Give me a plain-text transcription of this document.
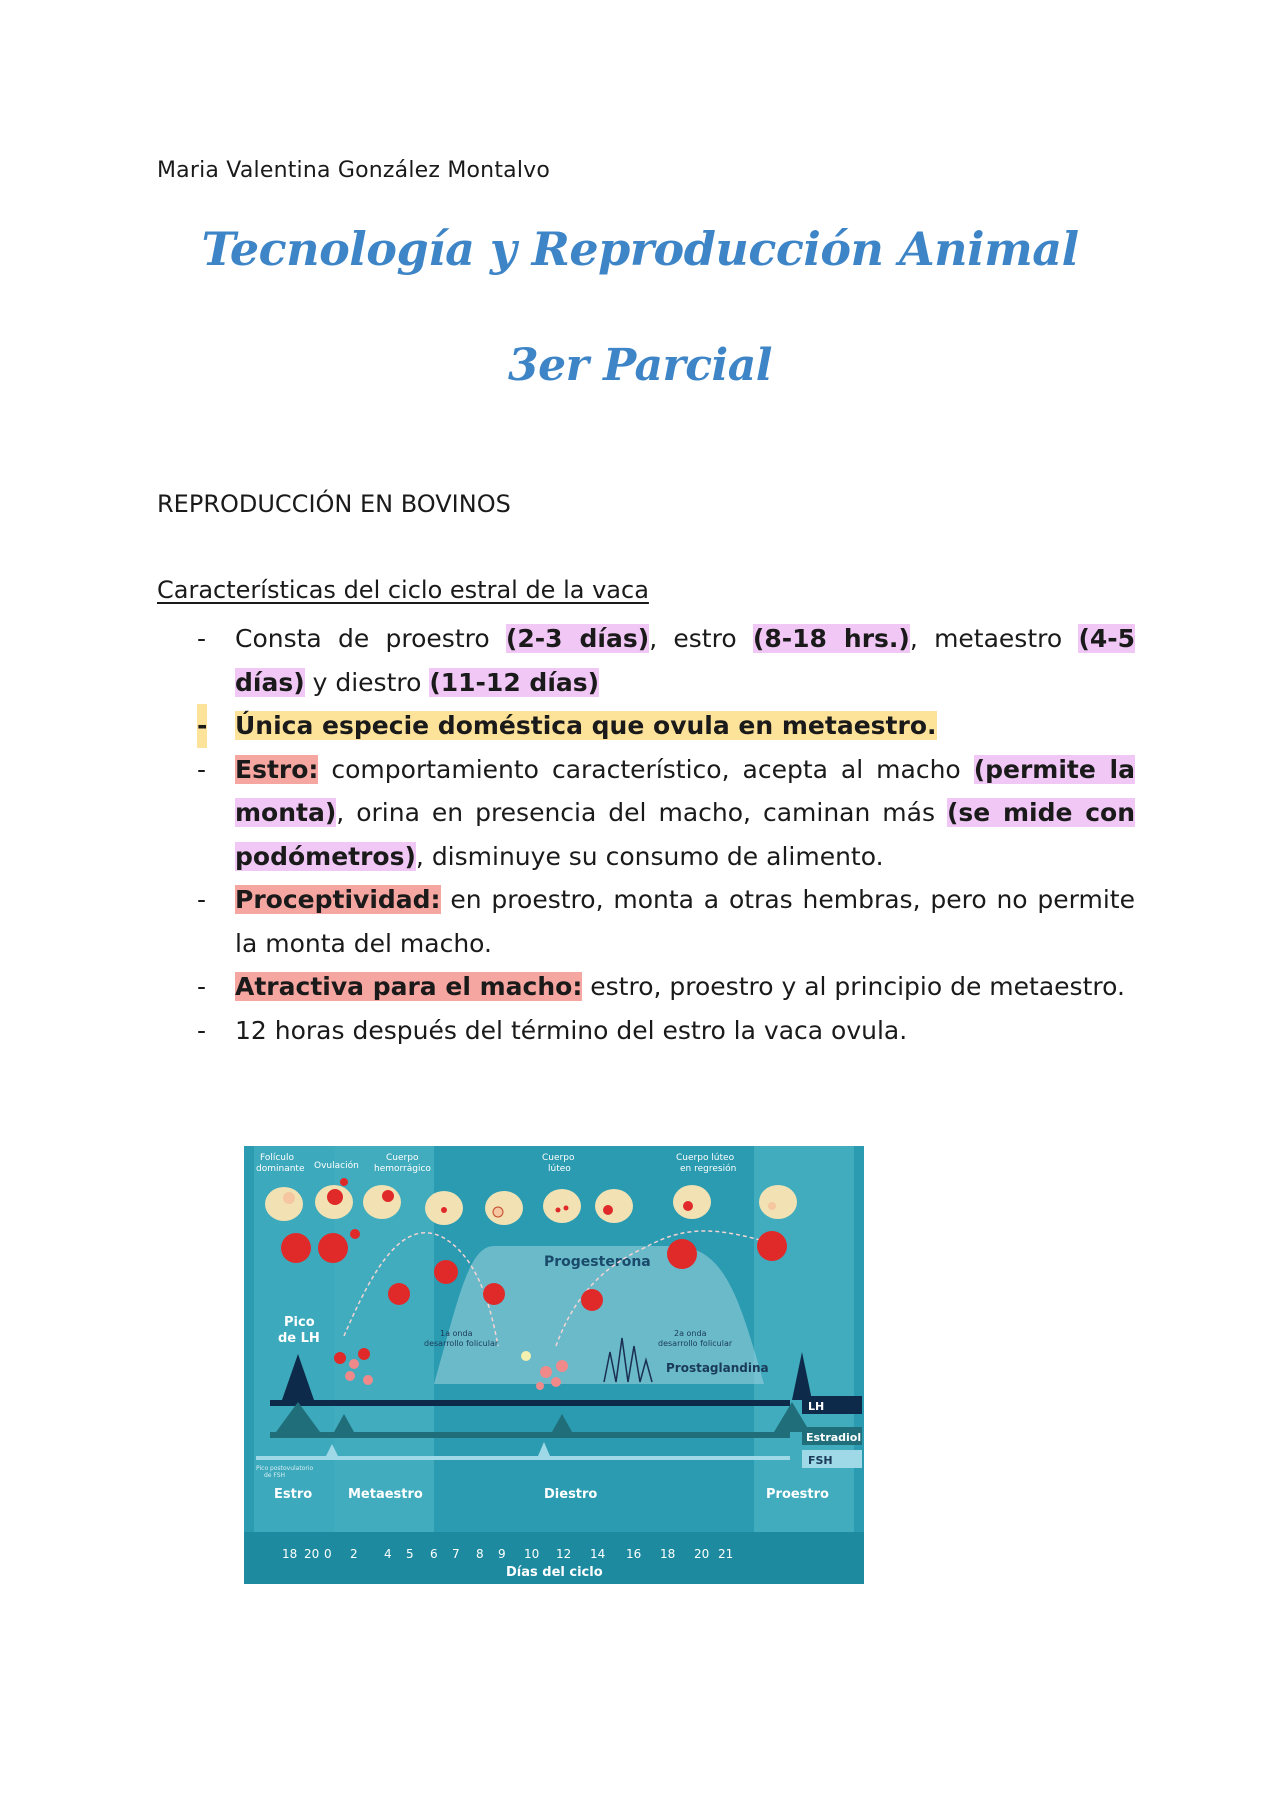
Maria Valentina González Montalvo
Tecnología y Reproducción Animal
3er Parcial
REPRODUCCIÓN EN BOVINOS
Características del ciclo estral de la vaca
- Consta de proestro (2-3 días), estro (8-18 hrs.), metaestro (4-5 días) y diestro (11-12 días)
- Única especie doméstica que ovula en metaestro.
- Estro: comportamiento característico, acepta al macho (permite la monta), orina en presencia del macho, caminan más (se mide con podómetros), disminuye su consumo de alimento.
- Proceptividad: en proestro, monta a otras hembras, pero no permite la monta del macho.
- Atractiva para el macho: estro, proestro y al principio de metaestro.
- 12 horas después del término del estro la vaca ovula.
Progesterona
Folículo dominante Ovulación
Cuerpo hemorrágico
Cuerpo lúteo
Cuerpo lúteo en regresión
1a onda desarrollo folicular
2a onda desarrollo folicular
Prostaglandina
Pico de LH
LH
Estradiol
FSH
Pico postovulatorio de FSH
Estro	Metaestro	Diestro	Proestro
18 20 0 2 4 5 6 7 8 9 10 12 14 16 18 20 21
Días del ciclo
